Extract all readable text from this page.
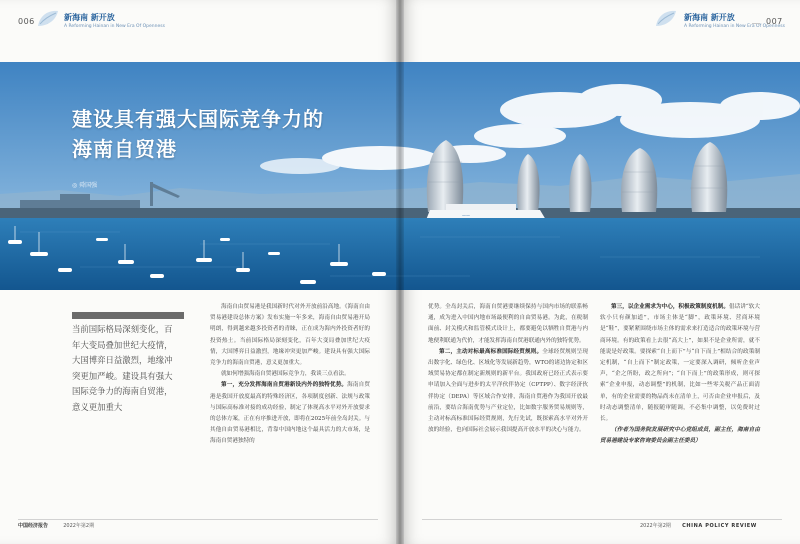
006	新海南 新开放
A Reforming Hainan in New Era Of Openness
新海南 新开放
A Reforming Hainan in New Era Of Openness
007
——
建设具有强大国际竞争力的
海南自贸港
◎ 舜国强
当前国际格局深刻变化，百
年大变局叠加世纪大疫情，
大国博弈日益激烈，地缘冲
突更加严峻。建设具有强大
国际竞争力的海南自贸港，
意义更加重大

海南自由贸易港是我国新时代对外开放前沿高地。《海南自由贸易港建设总体方案》发布实施一年多来，海南自由贸易港开局明朗，得到越来越多投资者的青睐，正在成为海内外投资者好的投资热土。当前国际格局深刻变化，百年大变局叠加世纪大疫情，大国博弈日益激烈，地缘冲突更加严峻。建设具有强大国际竞争力的海南自贸港，意义更加重大。

就如何增强海南自贸港国际竞争力，我谈三点看法。

第一，充分发挥海南自贸港新设内外的独特优势。海南自贸港是我国开放度最高的特殊经济区，各项制度创新、法规与政策与国际高标准对接的成功经验，制定了体现高水平对外开放要求的总体方案，正在有序推进开放，即将在2025年前全岛封关。与其他自由贸易港相比，背靠中国内地这个最具活力的大市场，是海南自贸港独特的

优势。全岛封关后，海南自贸港要继续保持与国内市场的联系畅通，成为进入中国内地市场最便利的自由贸易港。为此，在税制面前、封关模式和监管模式设计上，都要避免以牺牲自贸港与内地便利联通为代价，才能发挥海南自贸港联通内外的独特优势。

第二，主动对标最高标准国际经贸规则。全球经贸规则呈现出数字化、绿色化、区域化等发展新趋势，WTO的诸边协定和区域贸易协定都在制定新规则的新平台。我国政府已经正式表示要申请加入全面与进步的太平洋伙伴协定（CPTPP）、数字经济伙伴协定（DEPA）等区域合作安排，海南自贸港作为我国开放最前沿，要结合海南优势与产业定位，比如数字服务贸易规则等，主动对标高标准国际经贸规则，先行先试，既探索高水平对外开放的经验，也向国际社会展示我国提高开放水平的决心与能力。

第三，以企业需求为中心，积极政策制度机制。倡话讲“软大软小只有颜加道”，市场主体是“脚”，政策环境、营商环境是“鞋”，要紧紧围绕市场主体的需求来打造适合的政策环境与营商环境。有的政策看上去很“高大上”，如果不是企业所需，就不能说是好政策。要探索“自上而下”与“自下而上”相结合的政策制定机制，“自上而下”制定政策，一定要深入调研，倾听企业声声，“企之所盼，政之所向”；“自下而上”的政策形成，则可探索“企业申报，动态调整”的机制，比如一些零关税产品正面清单，有的企业需要的物品尚未在清单上，可否由企业申报后，及时动态调整清单，随报随审随调，不必集中调整，以免费时过长。

（作者为国务院发展研究中心党组成员，副主任，海南自由贸易港建设专家咨询委员会副主任委员）

中国经济报告	2022年第2期	2022年第2期 CHINA POLICY REVIEW
